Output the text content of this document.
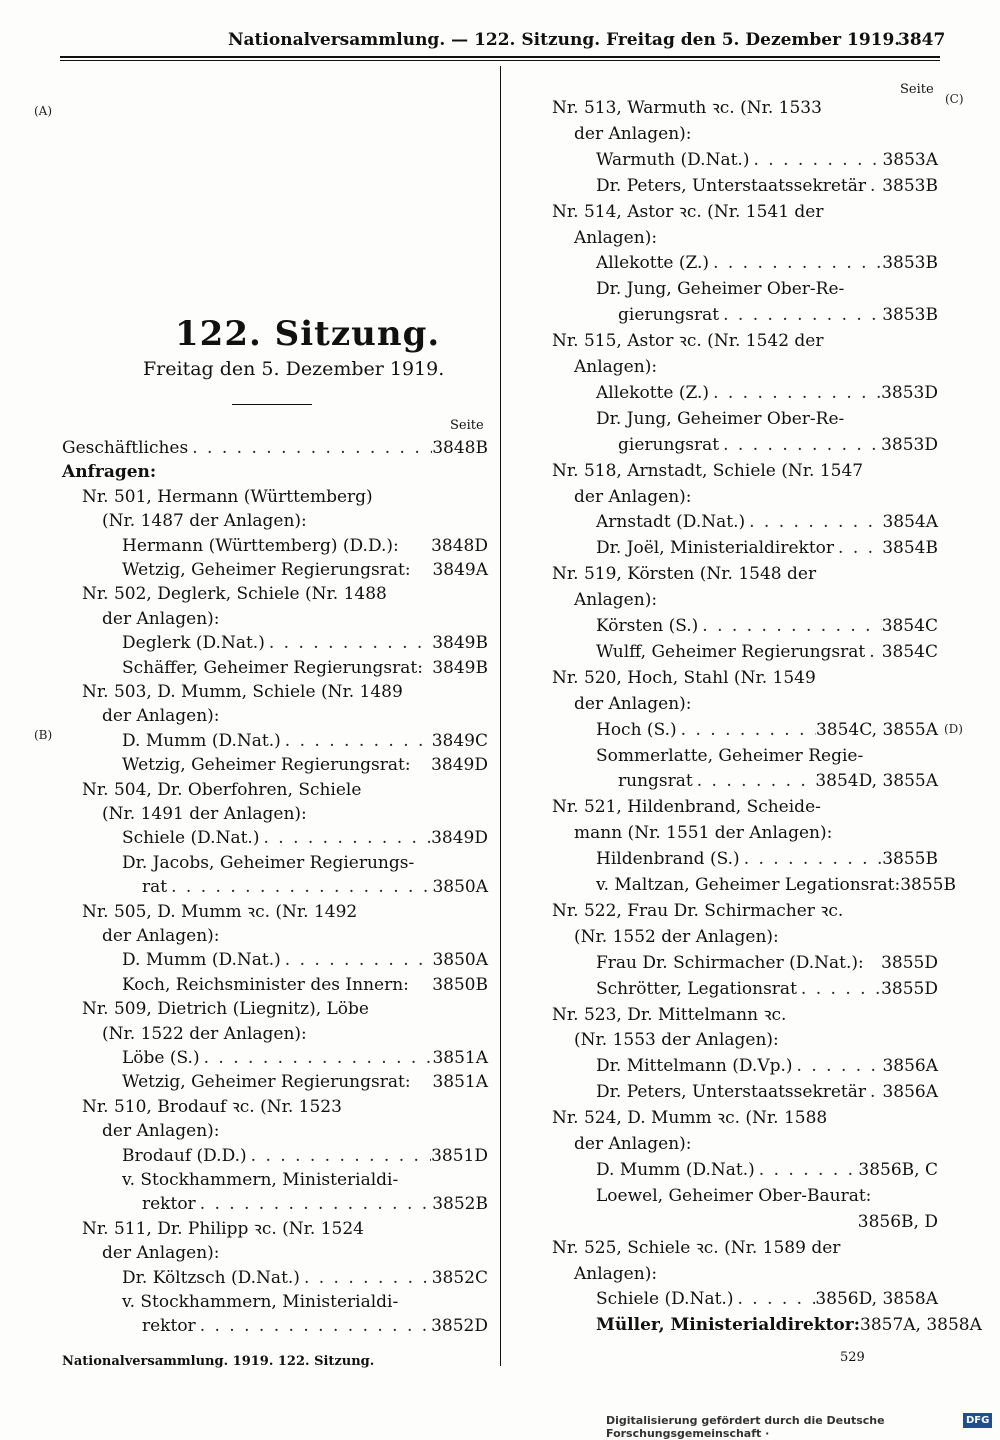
Nationalversammlung. — 122. Sitzung. Freitag den 5. Dezember 1919.
3847
(A)
(B)
(C)
(D)
122. Sitzung.
Freitag den 5. Dezember 1919.
Seite
Seite
Geschäftliches . . .	3848B
Anfragen:
Nr. 501, Hermann (Württemberg)
(Nr. 1487 der Anlagen):
Hermann (Württemberg) (D.D.): 3848D
Wetzig, Geheimer Regierungsrat: 3849A
Nr. 502, Deglerk, Schiele (Nr. 1488
der Anlagen):
Deglerk (D.Nat.) . . .	3849B
Schäffer, Geheimer Regierungsrat: 3849B
Nr. 503, D. Mumm, Schiele (Nr. 1489
der Anlagen):
D. Mumm (D.Nat.) . . .	3849C
Wetzig, Geheimer Regierungsrat: 3849D
Nr. 504, Dr. Oberfohren, Schiele
(Nr. 1491 der Anlagen):
Schiele (D.Nat.) . . .	3849D
Dr. Jacobs, Geheimer Regierungs-
rat . . .	3850A
Nr. 505, D. Mumm ꝛc. (Nr. 1492
der Anlagen):
D. Mumm (D.Nat.) . . .	3850A
Koch, Reichsminister des Innern: 3850B
Nr. 509, Dietrich (Liegnitz), Löbe
(Nr. 1522 der Anlagen):
Löbe (S.) . . .	3851A
Wetzig, Geheimer Regierungsrat: 3851A
Nr. 510, Brodauf ꝛc. (Nr. 1523
der Anlagen):
Brodauf (D.D.) . . .	3851D
v. Stockhammern, Ministerialdi-
rektor . . .	3852B
Nr. 511, Dr. Philipp ꝛc. (Nr. 1524
der Anlagen):
Dr. Költzsch (D.Nat.) . . .	3852C
v. Stockhammern, Ministerialdi-
rektor . . .	3852D
Nr. 513, Warmuth ꝛc. (Nr. 1533
der Anlagen):
Warmuth (D.Nat.) . . .	3853A
Dr. Peters, Unterstaatssekretär . . . 3853B
Nr. 514, Astor ꝛc. (Nr. 1541 der
Anlagen):
Allekotte (Z.) . . .	3853B
Dr. Jung, Geheimer Ober-Re-
gierungsrat . . .	3853B
Nr. 515, Astor ꝛc. (Nr. 1542 der
Anlagen):
Allekotte (Z.) . . .	3853D
Dr. Jung, Geheimer Ober-Re-
gierungsrat . . .	3853D
Nr. 518, Arnstadt, Schiele (Nr. 1547
der Anlagen):
Arnstadt (D.Nat.) . . .	3854A
Dr. Joël, Ministerialdirektor . . .	3854B
Nr. 519, Körsten (Nr. 1548 der
Anlagen):
Körsten (S.) . . .	3854C
Wulff, Geheimer Regierungsrat . . . 3854C
Nr. 520, Hoch, Stahl (Nr. 1549
der Anlagen):
Hoch (S.) . . .	3854C, 3855A
Sommerlatte, Geheimer Regie-
rungsrat . . .	3854D, 3855A
Nr. 521, Hildenbrand, Scheide-
mann (Nr. 1551 der Anlagen):
Hildenbrand (S.) . . .	3855B
v. Maltzan, Geheimer Legationsrat: 3855B
Nr. 522, Frau Dr. Schirmacher ꝛc.
(Nr. 1552 der Anlagen):
Frau Dr. Schirmacher (D.Nat.): 3855D
Schrötter, Legationsrat . . .	3855D
Nr. 523, Dr. Mittelmann ꝛc.
(Nr. 1553 der Anlagen):
Dr. Mittelmann (D.Vp.) . . .	3856A
Dr. Peters, Unterstaatssekretär . . . 3856A
Nr. 524, D. Mumm ꝛc. (Nr. 1588
der Anlagen):
D. Mumm (D.Nat.) . . .	3856B, C
Loewel, Geheimer Ober-Baurat:
3856B, D
Nr. 525, Schiele ꝛc. (Nr. 1589 der
Anlagen):
Schiele (D.Nat.) . . .	3856D, 3858A
Müller, Ministerialdirektor: 3857A, 3858A
Nationalversammlung. 1919. 122. Sitzung.	529
Digitalisierung gefördert durch die Deutsche Forschungsgemeinschaft ·
DFG
